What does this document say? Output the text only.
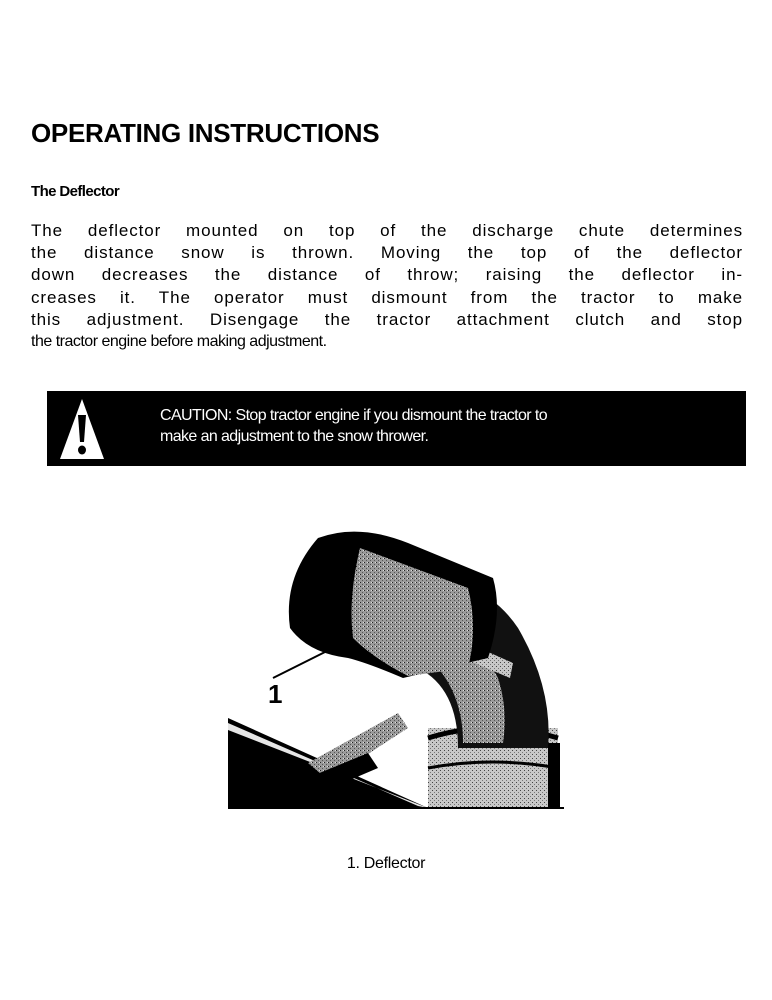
OPERATING INSTRUCTIONS
The Deflector

The deflector mounted on top of the discharge chute determines
the distance snow is thrown. Moving the top of the deflector
down decreases the distance of throw; raising the deflector in-
creases it. The operator must dismount from the tractor to make
this adjustment. Disengage the tractor attachment clutch and stop
the tractor engine before making adjustment.

CAUTION: Stop tractor engine if you dismount the tractor to
make an adjustment to the snow thrower.
1
1. Deflector
